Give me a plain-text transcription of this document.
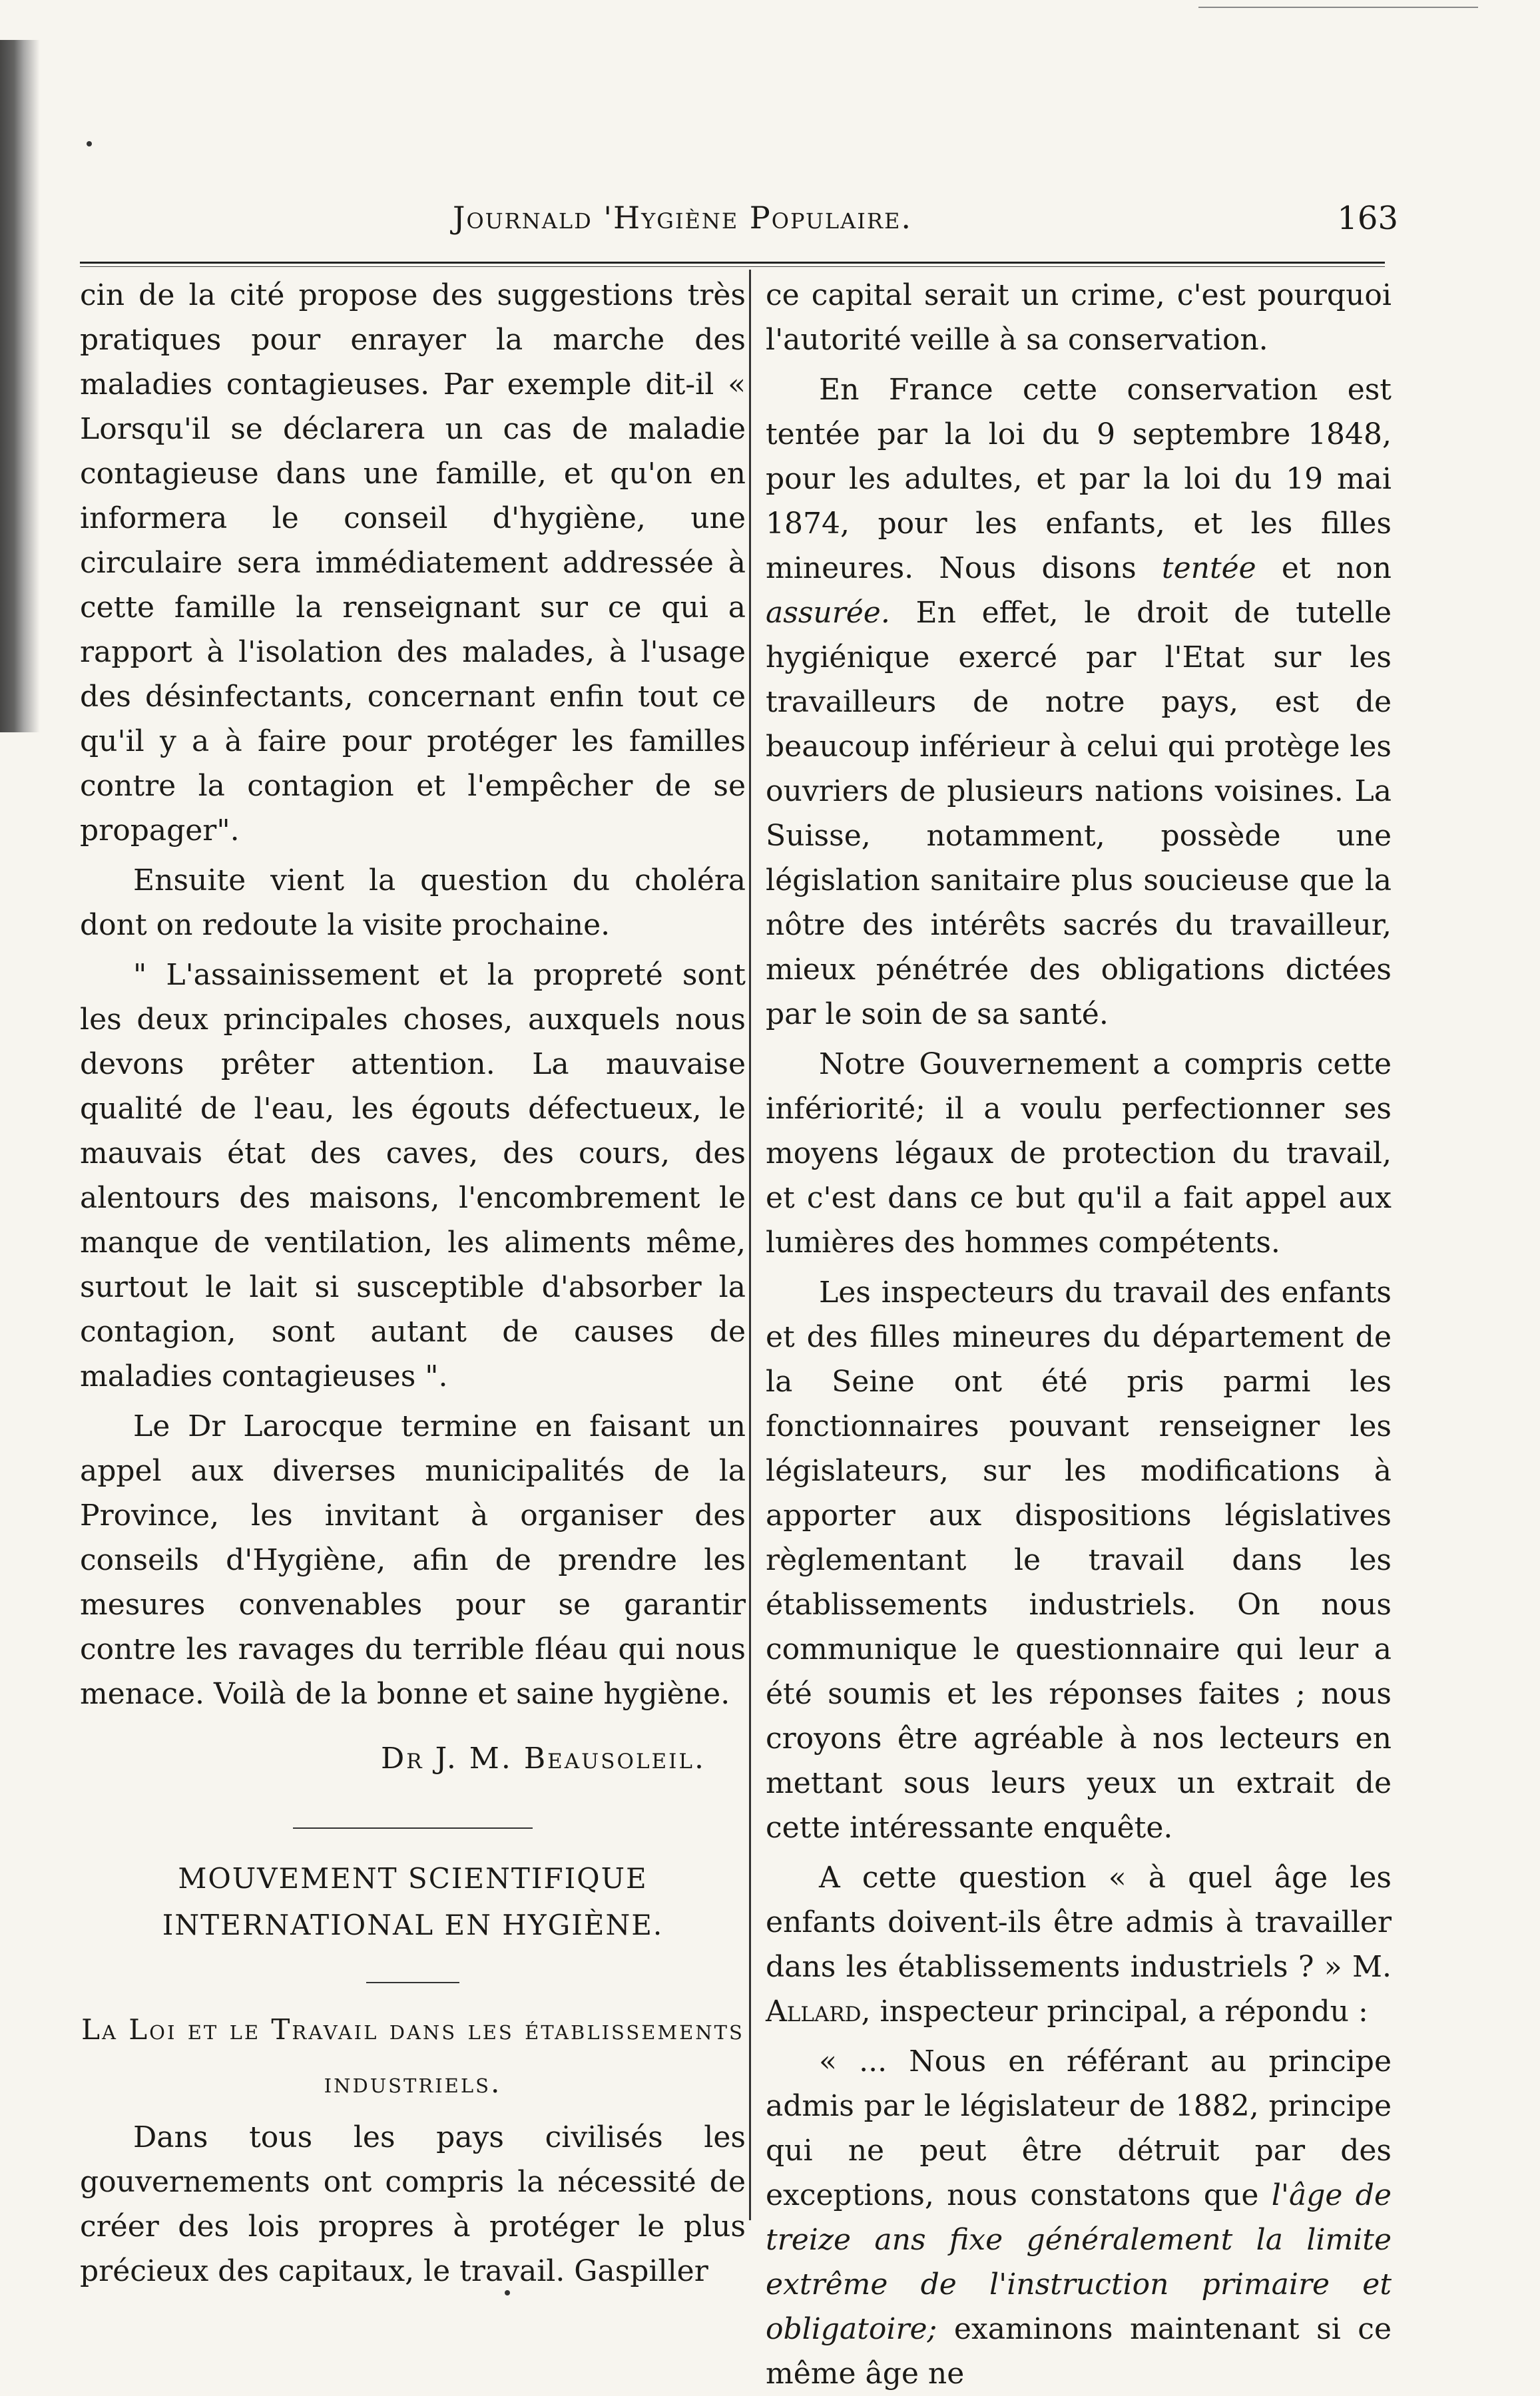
Journald 'Hygiène Populaire.	163

cin de la cité propose des suggestions très pratiques pour enrayer la marche des maladies contagieuses. Par exemple dit-il « Lorsqu'il se déclarera un cas de maladie contagieuse dans une famille, et qu'on en informera le conseil d'hygiène, une circulaire sera immédiatement addressée à cette famille la renseignant sur ce qui a rapport à l'isolation des malades, à l'usage des désinfectants, concernant enfin tout ce qu'il y a à faire pour protéger les familles contre la contagion et l'empêcher de se propager".

Ensuite vient la question du choléra dont on redoute la visite prochaine.

" L'assainissement et la propreté sont les deux principales choses, auxquels nous devons prêter attention. La mauvaise qualité de l'eau, les égouts défectueux, le mauvais état des caves, des cours, des alentours des maisons, l'encombrement le manque de ventilation, les aliments même, surtout le lait si susceptible d'absorber la contagion, sont autant de causes de maladies contagieuses ".

Le Dr Larocque termine en faisant un appel aux diverses municipalités de la Province, les invitant à organiser des conseils d'Hygiène, afin de prendre les mesures convenables pour se garantir contre les ravages du terrible fléau qui nous menace. Voilà de la bonne et saine hygiène.

Dr J. M. Beausoleil.

MOUVEMENT SCIENTIFIQUE INTERNATIONAL EN HYGIÈNE.

La Loi et le Travail dans les établissements industriels.

Dans tous les pays civilisés les gouvernements ont compris la nécessité de créer des lois propres à protéger le plus précieux des capitaux, le travail. Gaspiller

ce capital serait un crime, c'est pourquoi l'autorité veille à sa conservation.

En France cette conservation est tentée par la loi du 9 septembre 1848, pour les adultes, et par la loi du 19 mai 1874, pour les enfants, et les filles mineures. Nous disons tentée et non assurée. En effet, le droit de tutelle hygiénique exercé par l'Etat sur les travailleurs de notre pays, est de beaucoup inférieur à celui qui protège les ouvriers de plusieurs nations voisines. La Suisse, notamment, possède une législation sanitaire plus soucieuse que la nôtre des intérêts sacrés du travailleur, mieux pénétrée des obligations dictées par le soin de sa santé.

Notre Gouvernement a compris cette infériorité; il a voulu perfectionner ses moyens légaux de protection du travail, et c'est dans ce but qu'il a fait appel aux lumières des hommes compétents.

Les inspecteurs du travail des enfants et des filles mineures du département de la Seine ont été pris parmi les fonctionnaires pouvant renseigner les législateurs, sur les modifications à apporter aux dispositions législatives règlementant le travail dans les établissements industriels. On nous communique le questionnaire qui leur a été soumis et les réponses faites ; nous croyons être agréable à nos lecteurs en mettant sous leurs yeux un extrait de cette intéressante enquête.

A cette question « à quel âge les enfants doivent-ils être admis à travailler dans les établissements industriels ? » M. Allard, inspecteur principal, a répondu :

« ... Nous en référant au principe admis par le législateur de 1882, principe qui ne peut être détruit par des exceptions, nous constatons que l'âge de treize ans fixe généralement la limite extrême de l'instruction primaire et obligatoire; examinons maintenant si ce même âge ne
